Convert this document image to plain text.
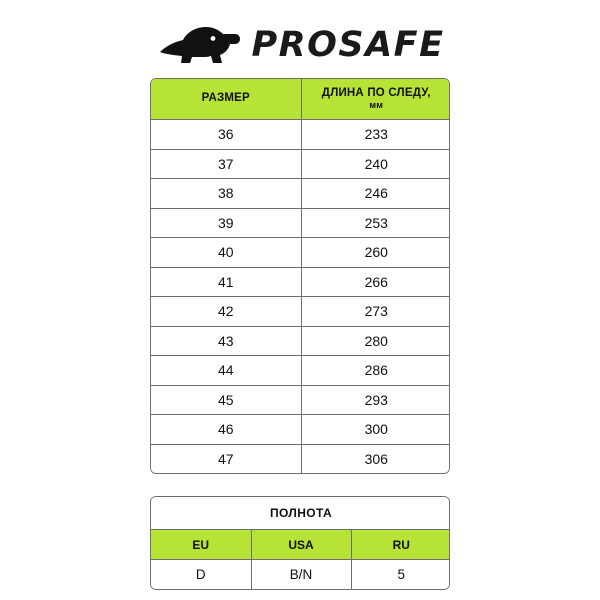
PROSAFE
РАЗМЕР	ДЛИНА ПО СЛЕДУ,
мм

36	233
37	240
38	246
39	253
40	260
41	266
42	273
43	280
44	286
45	293
46	300
47	306
ПОЛНОТА		
EU	USA	RU
D	B/N	5
